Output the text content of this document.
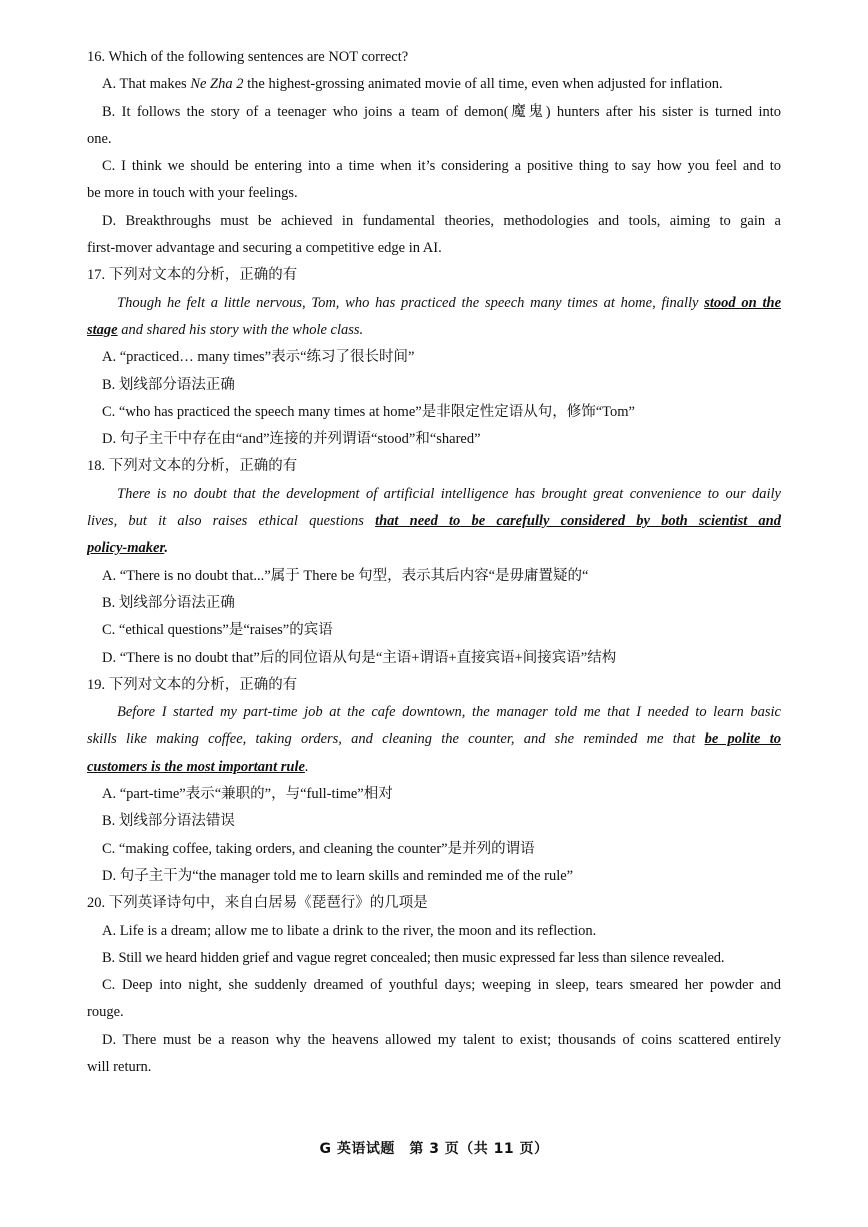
16. Which of the following sentences are NOT correct?
A. That makes Ne Zha 2 the highest-grossing animated movie of all time, even when adjusted for inflation.
B. It follows the story of a teenager who joins a team of demon(魔鬼) hunters after his sister is turned into
one.
C. I think we should be entering into a time when it’s considering a positive thing to say how you feel and to
be more in touch with your feelings.
D. Breakthroughs must be achieved in fundamental theories, methodologies and tools, aiming to gain a
first-mover advantage and securing a competitive edge in AI.
17. 下列对文本的分析，正确的有
Though he felt a little nervous, Tom, who has practiced the speech many times at home, finally stood on the
stage and shared his story with the whole class.
A. “practiced… many times”表示“练习了很长时间”
B. 划线部分语法正确
C. “who has practiced the speech many times at home”是非限定性定语从句，修饰“Tom”
D. 句子主干中存在由“and”连接的并列谓语“stood”和“shared”
18. 下列对文本的分析，正确的有
There is no doubt that the development of artificial intelligence has brought great convenience to our daily
lives, but it also raises ethical questions that need to be carefully considered by both scientist and
policy-maker.
A. “There is no doubt that...”属于 There be 句型，表示其后内容“是毋庸置疑的“
B. 划线部分语法正确
C. “ethical questions”是“raises”的宾语
D. “There is no doubt that”后的同位语从句是“主语+谓语+直接宾语+间接宾语”结构
19. 下列对文本的分析，正确的有
Before I started my part-time job at the cafe downtown, the manager told me that I needed to learn basic
skills like making coffee, taking orders, and cleaning the counter, and she reminded me that be polite to
customers is the most important rule.
A. “part-time”表示“兼职的”，与“full-time”相对
B. 划线部分语法错误
C. “making coffee, taking orders, and cleaning the counter”是并列的谓语
D. 句子主干为“the manager told me to learn skills and reminded me of the rule”
20. 下列英译诗句中，来自白居易《琵琶行》的几项是
A. Life is a dream; allow me to libate a drink to the river, the moon and its reflection.
B. Still we heard hidden grief and vague regret concealed; then music expressed far less than silence revealed.
C. Deep into night, she suddenly dreamed of youthful days; weeping in sleep, tears smeared her powder and
rouge.
D. There must be a reason why the heavens allowed my talent to exist; thousands of coins scattered entirely
will return.
G 英语试题　第 3 页（共 11 页）
